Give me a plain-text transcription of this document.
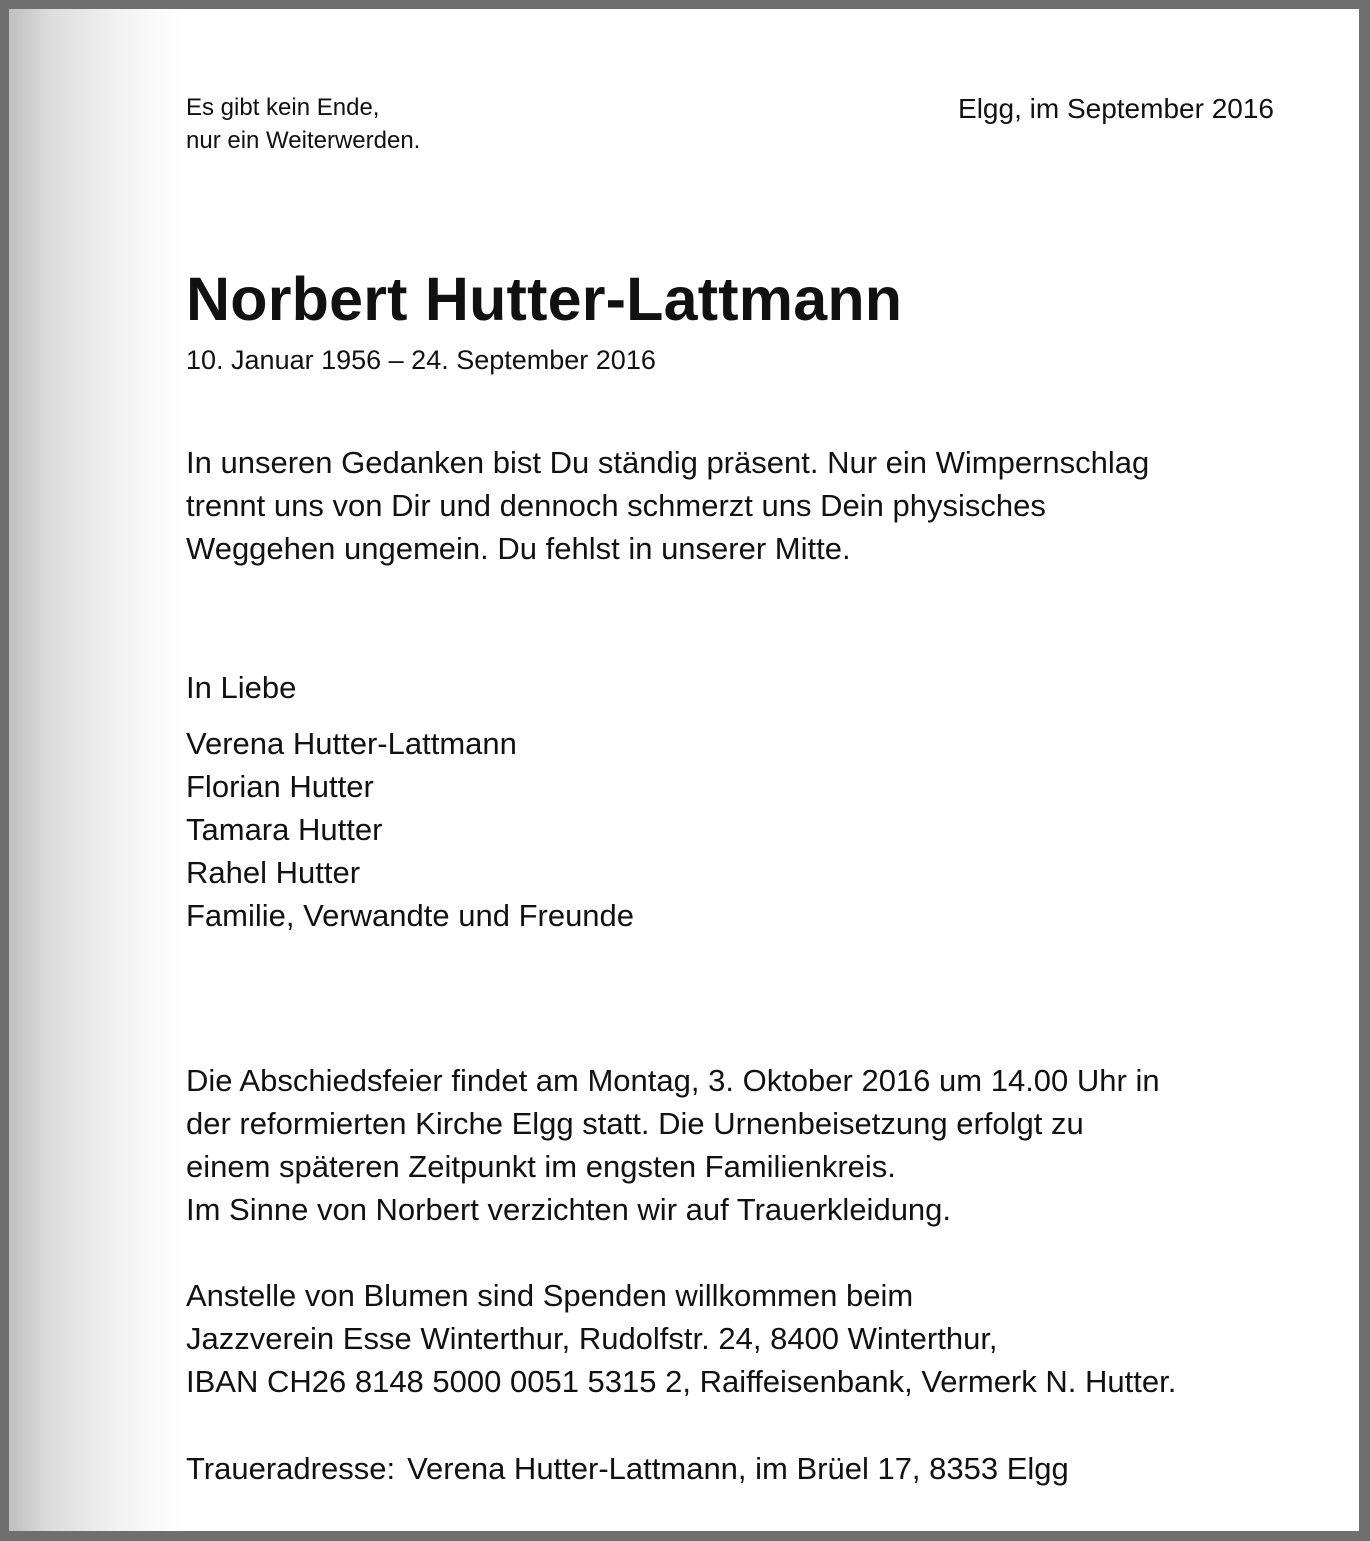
Es gibt kein Ende,
nur ein Weiterwerden.
Elgg, im September 2016
Norbert Hutter-Lattmann
10. Januar 1956 – 24. September 2016
In unseren Gedanken bist Du ständig präsent. Nur ein Wimpernschlag
trennt uns von Dir und dennoch schmerzt uns Dein physisches
Weggehen ungemein. Du fehlst in unserer Mitte.
In Liebe
Verena Hutter-Lattmann
Florian Hutter
Tamara Hutter
Rahel Hutter
Familie, Verwandte und Freunde
Die Abschiedsfeier findet am Montag, 3. Oktober 2016 um 14.00 Uhr in
der reformierten Kirche Elgg statt. Die Urnenbeisetzung erfolgt zu
einem späteren Zeitpunkt im engsten Familienkreis.
Im Sinne von Norbert verzichten wir auf Trauerkleidung.
Anstelle von Blumen sind Spenden willkommen beim
Jazzverein Esse Winterthur, Rudolfstr. 24, 8400 Winterthur,
IBAN CH26 8148 5000 0051 5315 2, Raiffeisenbank, Vermerk N. Hutter.
Traueradresse: Verena Hutter-Lattmann, im Brüel 17, 8353 Elgg
